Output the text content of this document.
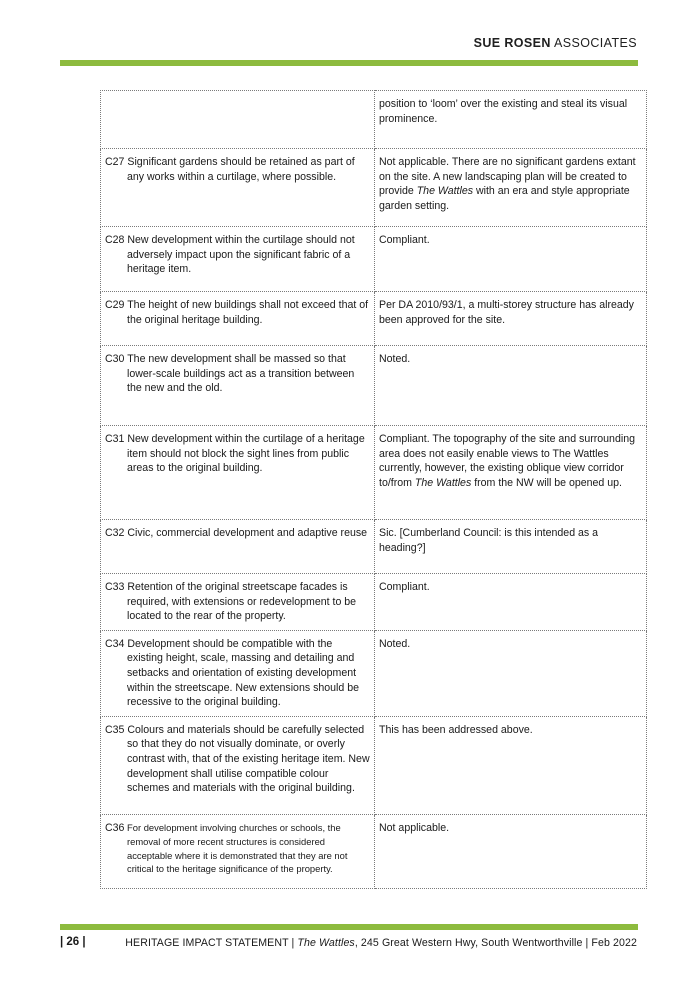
SUE ROSEN ASSOCIATES
	position to ‘loom’ over the existing and steal its visual prominence.

C27 Significant gardens should be retained as part of any works within a curtilage, where possible.	Not applicable. There are no significant gardens extant on the site. A new landscaping plan will be created to provide The Wattles with an era and style appropriate garden setting.

C28 New development within the curtilage should not adversely impact upon the significant fabric of a heritage item.	Compliant.

C29 The height of new buildings shall not exceed that of the original heritage building.	Per DA 2010/93/1, a multi-storey structure has already been approved for the site.

C30 The new development shall be massed so that lower-scale buildings act as a transition between the new and the old.	Noted.

C31 New development within the curtilage of a heritage item should not block the sight lines from public areas to the original building.	Compliant. The topography of the site and surrounding area does not easily enable views to The Wattles currently, however, the existing oblique view corridor to/from The Wattles from the NW will be opened up.

C32 Civic, commercial development and adaptive reuse	Sic. [Cumberland Council: is this intended as a heading?]

C33 Retention of the original streetscape facades is required, with extensions or redevelopment to be located to the rear of the property.	Compliant.

C34 Development should be compatible with the existing height, scale, massing and detailing and setbacks and orientation of existing development within the streetscape. New extensions should be recessive to the original building.	Noted.

C35 Colours and materials should be carefully selected so that they do not visually dominate, or overly contrast with, that of the existing heritage item. New development shall utilise compatible colour schemes and materials with the original building.	This has been addressed above.

C36 For development involving churches or schools, the removal of more recent structures is considered acceptable where it is demonstrated that they are not critical to the heritage significance of the property.	Not applicable.
| 26 |	HERITAGE IMPACT STATEMENT | The Wattles, 245 Great Western Hwy, South Wentworthville | Feb 2022
